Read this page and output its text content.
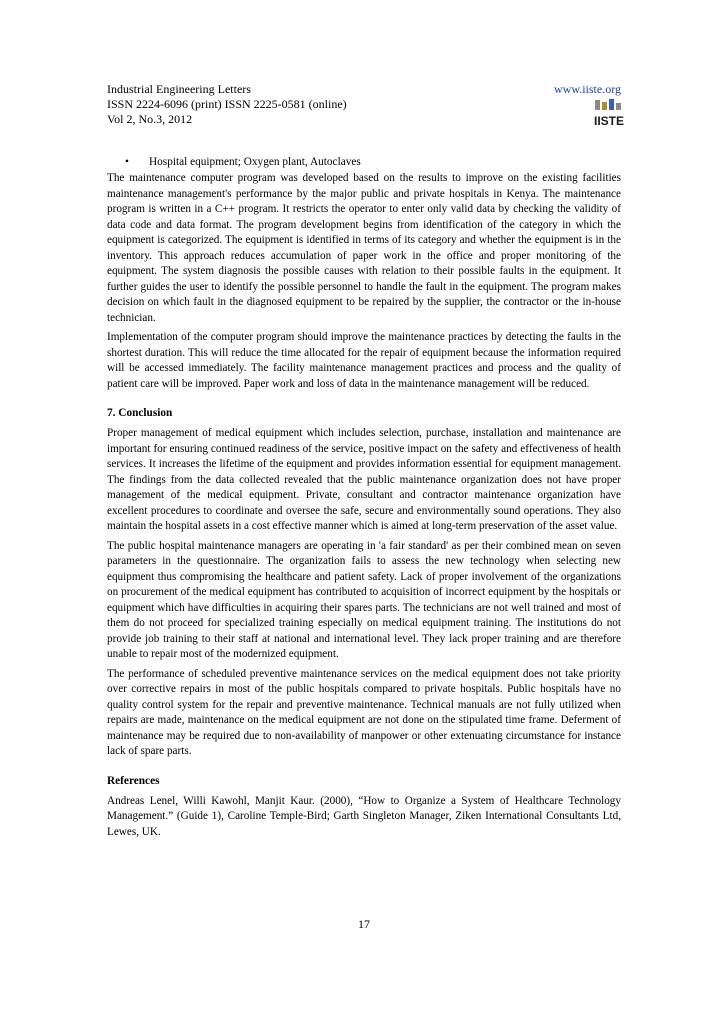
Industrial Engineering Letters
ISSN 2224-6096 (print) ISSN 2225-0581 (online)
Vol 2, No.3, 2012
www.iiste.org
IISTE
• Hospital equipment; Oxygen plant, Autoclaves

The maintenance computer program was developed based on the results to improve on the existing facilities maintenance management's performance by the major public and private hospitals in Kenya. The maintenance program is written in a C++ program. It restricts the operator to enter only valid data by checking the validity of data code and data format. The program development begins from identification of the category in which the equipment is categorized. The equipment is identified in terms of its category and whether the equipment is in the inventory. This approach reduces accumulation of paper work in the office and proper monitoring of the equipment. The system diagnosis the possible causes with relation to their possible faults in the equipment. It further guides the user to identify the possible personnel to handle the fault in the equipment. The program makes decision on which fault in the diagnosed equipment to be repaired by the supplier, the contractor or the in-house technician.

Implementation of the computer program should improve the maintenance practices by detecting the faults in the shortest duration. This will reduce the time allocated for the repair of equipment because the information required will be accessed immediately. The facility maintenance management practices and process and the quality of patient care will be improved. Paper work and loss of data in the maintenance management will be reduced.

7. Conclusion

Proper management of medical equipment which includes selection, purchase, installation and maintenance are important for ensuring continued readiness of the service, positive impact on the safety and effectiveness of health services. It increases the lifetime of the equipment and provides information essential for equipment management. The findings from the data collected revealed that the public maintenance organization does not have proper management of the medical equipment. Private, consultant and contractor maintenance organization have excellent procedures to coordinate and oversee the safe, secure and environmentally sound operations. They also maintain the hospital assets in a cost effective manner which is aimed at long-term preservation of the asset value.

The public hospital maintenance managers are operating in 'a fair standard' as per their combined mean on seven parameters in the questionnaire. The organization fails to assess the new technology when selecting new equipment thus compromising the healthcare and patient safety. Lack of proper involvement of the organizations on procurement of the medical equipment has contributed to acquisition of incorrect equipment by the hospitals or equipment which have difficulties in acquiring their spares parts. The technicians are not well trained and most of them do not proceed for specialized training especially on medical equipment training. The institutions do not provide job training to their staff at national and international level. They lack proper training and are therefore unable to repair most of the modernized equipment.

The performance of scheduled preventive maintenance services on the medical equipment does not take priority over corrective repairs in most of the public hospitals compared to private hospitals. Public hospitals have no quality control system for the repair and preventive maintenance. Technical manuals are not fully utilized when repairs are made, maintenance on the medical equipment are not done on the stipulated time frame. Deferment of maintenance may be required due to non-availability of manpower or other extenuating circumstance for instance lack of spare parts.

References

Andreas Lenel, Willi Kawohl, Manjit Kaur. (2000), “How to Organize a System of Healthcare Technology Management.” (Guide 1), Caroline Temple-Bird; Garth Singleton Manager, Ziken International Consultants Ltd, Lewes, UK.

17
